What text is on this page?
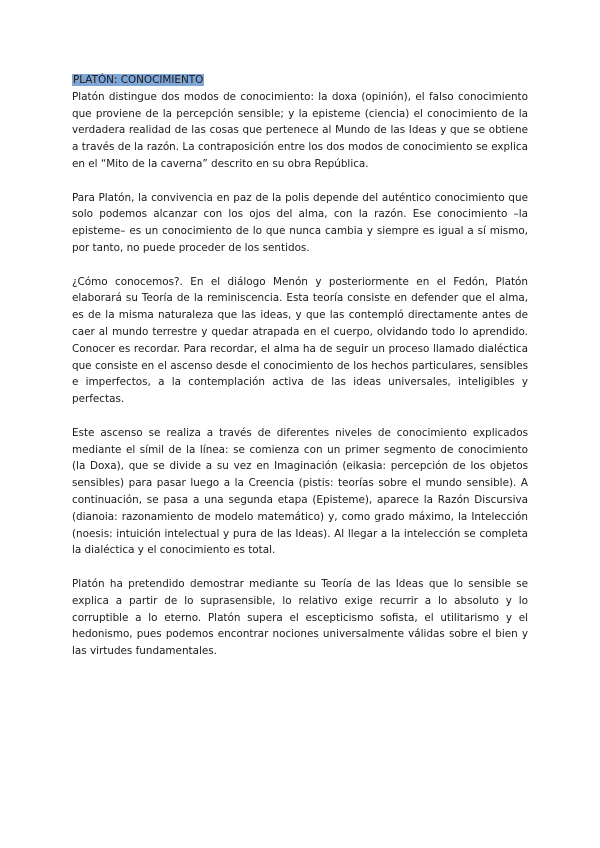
PLATÓN: CONOCIMIENTO

Platón distingue dos modos de conocimiento: la doxa (opinión), el falso conocimiento que proviene de la percepción sensible; y la episteme (ciencia) el conocimiento de la verdadera realidad de las cosas que pertenece al Mundo de las Ideas y que se obtiene a través de la razón. La contraposición entre los dos modos de conocimiento se explica en el “Mito de la caverna” descrito en su obra República.

Para Platón, la convivencia en paz de la polis depende del auténtico conocimiento que solo podemos alcanzar con los ojos del alma, con la razón. Ese conocimiento –la episteme– es un conocimiento de lo que nunca cambia y siempre es igual a sí mismo, por tanto, no puede proceder de los sentidos.

¿Cómo conocemos?. En el diálogo Menón y posteriormente en el Fedón, Platón elaborará su Teoría de la reminiscencia. Esta teoría consiste en defender que el alma, es de la misma naturaleza que las ideas, y que las contempló directamente antes de caer al mundo terrestre y quedar atrapada en el cuerpo, olvidando todo lo aprendido. Conocer es recordar. Para recordar, el alma ha de seguir un proceso llamado dialéctica que consiste en el ascenso desde el conocimiento de los hechos particulares, sensibles e imperfectos, a la contemplación activa de las ideas universales, inteligibles y perfectas.

Este ascenso se realiza a través de diferentes niveles de conocimiento explicados mediante el símil de la línea: se comienza con un primer segmento de conocimiento (la Doxa), que se divide a su vez en Imaginación (eikasia: percepción de los objetos sensibles) para pasar luego a la Creencia (pistis: teorías sobre el mundo sensible). A continuación, se pasa a una segunda etapa (Episteme), aparece la Razón Discursiva (dianoia: razonamiento de modelo matemático) y, como grado máximo, la Intelección (noesis: intuición intelectual y pura de las Ideas). Al llegar a la intelección se completa la dialéctica y el conocimiento es total.

Platón ha pretendido demostrar mediante su Teoría de las Ideas que lo sensible se explica a partir de lo suprasensible, lo relativo exige recurrir a lo absoluto y lo corruptible a lo eterno. Platón supera el escepticismo sofista, el utilitarismo y el hedonismo, pues podemos encontrar nociones universalmente válidas sobre el bien y las virtudes fundamentales.
